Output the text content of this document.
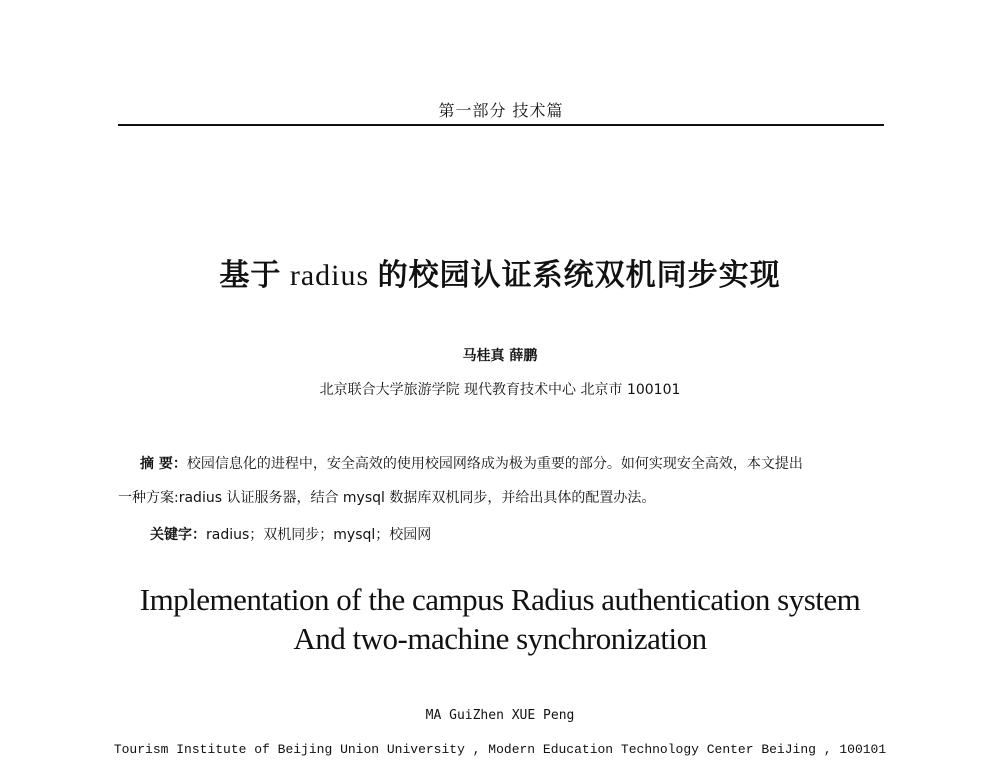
第一部分 技术篇
基于 radius 的校园认证系统双机同步实现
马桂真 薛鹏
北京联合大学旅游学院 现代教育技术中心 北京市 100101
摘 要：校园信息化的进程中，安全高效的使用校园网络成为极为重要的部分。如何实现安全高效，本文提出
一种方案:radius 认证服务器，结合 mysql 数据库双机同步，并给出具体的配置办法。
关键字：radius；双机同步；mysql；校园网
Implementation of the campus Radius authentication system
And two-machine synchronization
MA GuiZhen XUE Peng
Tourism Institute of Beijing Union University , Modern Education Technology Center BeiJing , 100101
